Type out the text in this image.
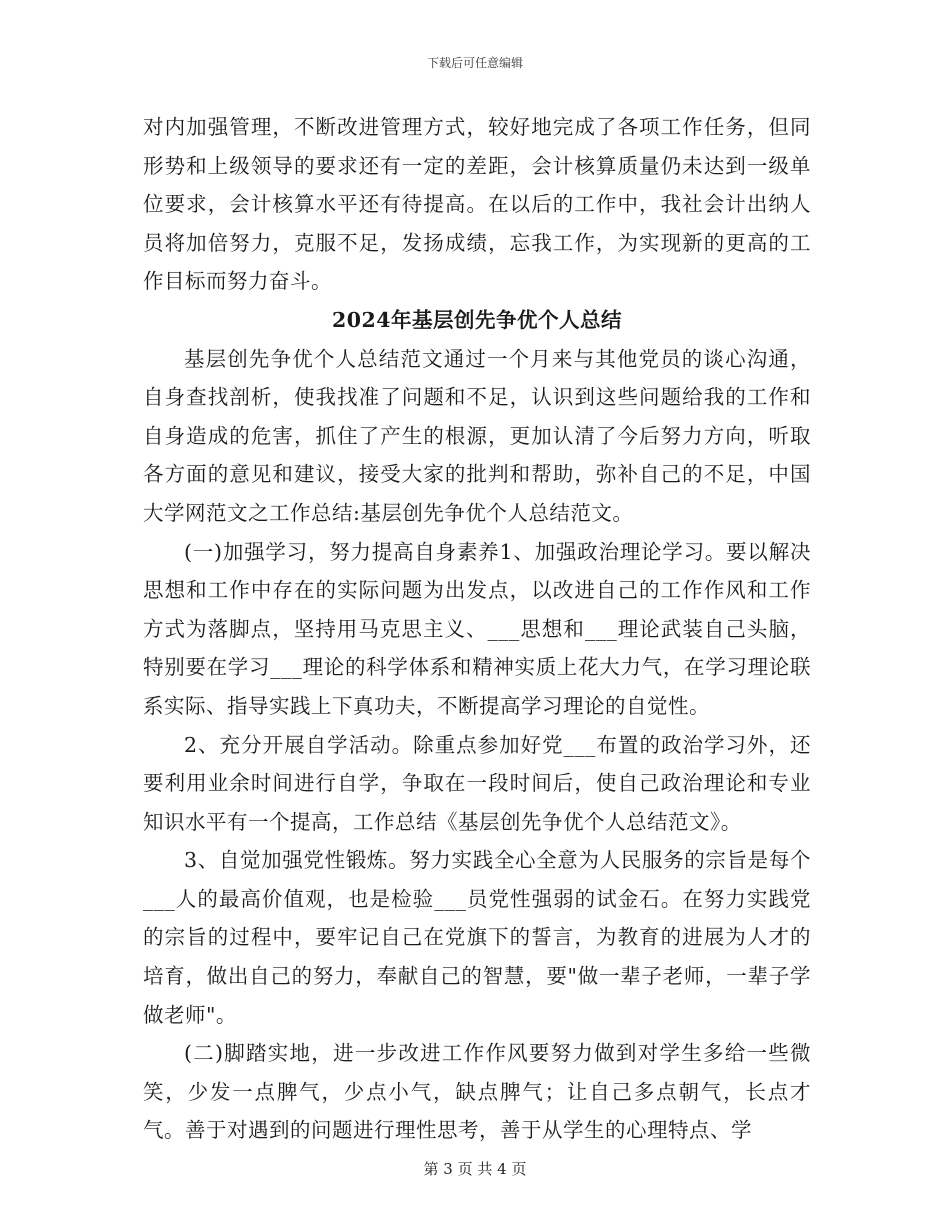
下载后可任意编辑

对内加强管理，不断改进管理方式，较好地完成了各项工作任务，但同形势和上级领导的要求还有一定的差距，会计核算质量仍未达到一级单位要求，会计核算水平还有待提高。在以后的工作中，我社会计出纳人员将加倍努力，克服不足，发扬成绩，忘我工作，为实现新的更高的工作目标而努力奋斗。

2024年基层创先争优个人总结

基层创先争优个人总结范文通过一个月来与其他党员的谈心沟通，自身查找剖析，使我找准了问题和不足，认识到这些问题给我的工作和自身造成的危害，抓住了产生的根源，更加认清了今后努力方向，听取各方面的意见和建议，接受大家的批判和帮助，弥补自己的不足，中国大学网范文之工作总结:基层创先争优个人总结范文。

(一)加强学习，努力提高自身素养1、加强政治理论学习。要以解决思想和工作中存在的实际问题为出发点，以改进自己的工作作风和工作方式为落脚点，坚持用马克思主义、___思想和___理论武装自己头脑，特别要在学习___理论的科学体系和精神实质上花大力气，在学习理论联系实际、指导实践上下真功夫，不断提高学习理论的自觉性。

2、充分开展自学活动。除重点参加好党___布置的政治学习外，还要利用业余时间进行自学，争取在一段时间后，使自己政治理论和专业知识水平有一个提高，工作总结《基层创先争优个人总结范文》。

3、自觉加强党性锻炼。努力实践全心全意为人民服务的宗旨是每个___人的最高价值观，也是检验___员党性强弱的试金石。在努力实践党的宗旨的过程中，要牢记自己在党旗下的誓言，为教育的进展为人才的培育，做出自己的努力，奉献自己的智慧，要"做一辈子老师，一辈子学做老师"。

(二)脚踏实地，进一步改进工作作风要努力做到对学生多给一些微笑，少发一点脾气，少点小气，缺点脾气；让自己多点朝气，长点才气。善于对遇到的问题进行理性思考，善于从学生的心理特点、学

第 3 页 共 4 页
